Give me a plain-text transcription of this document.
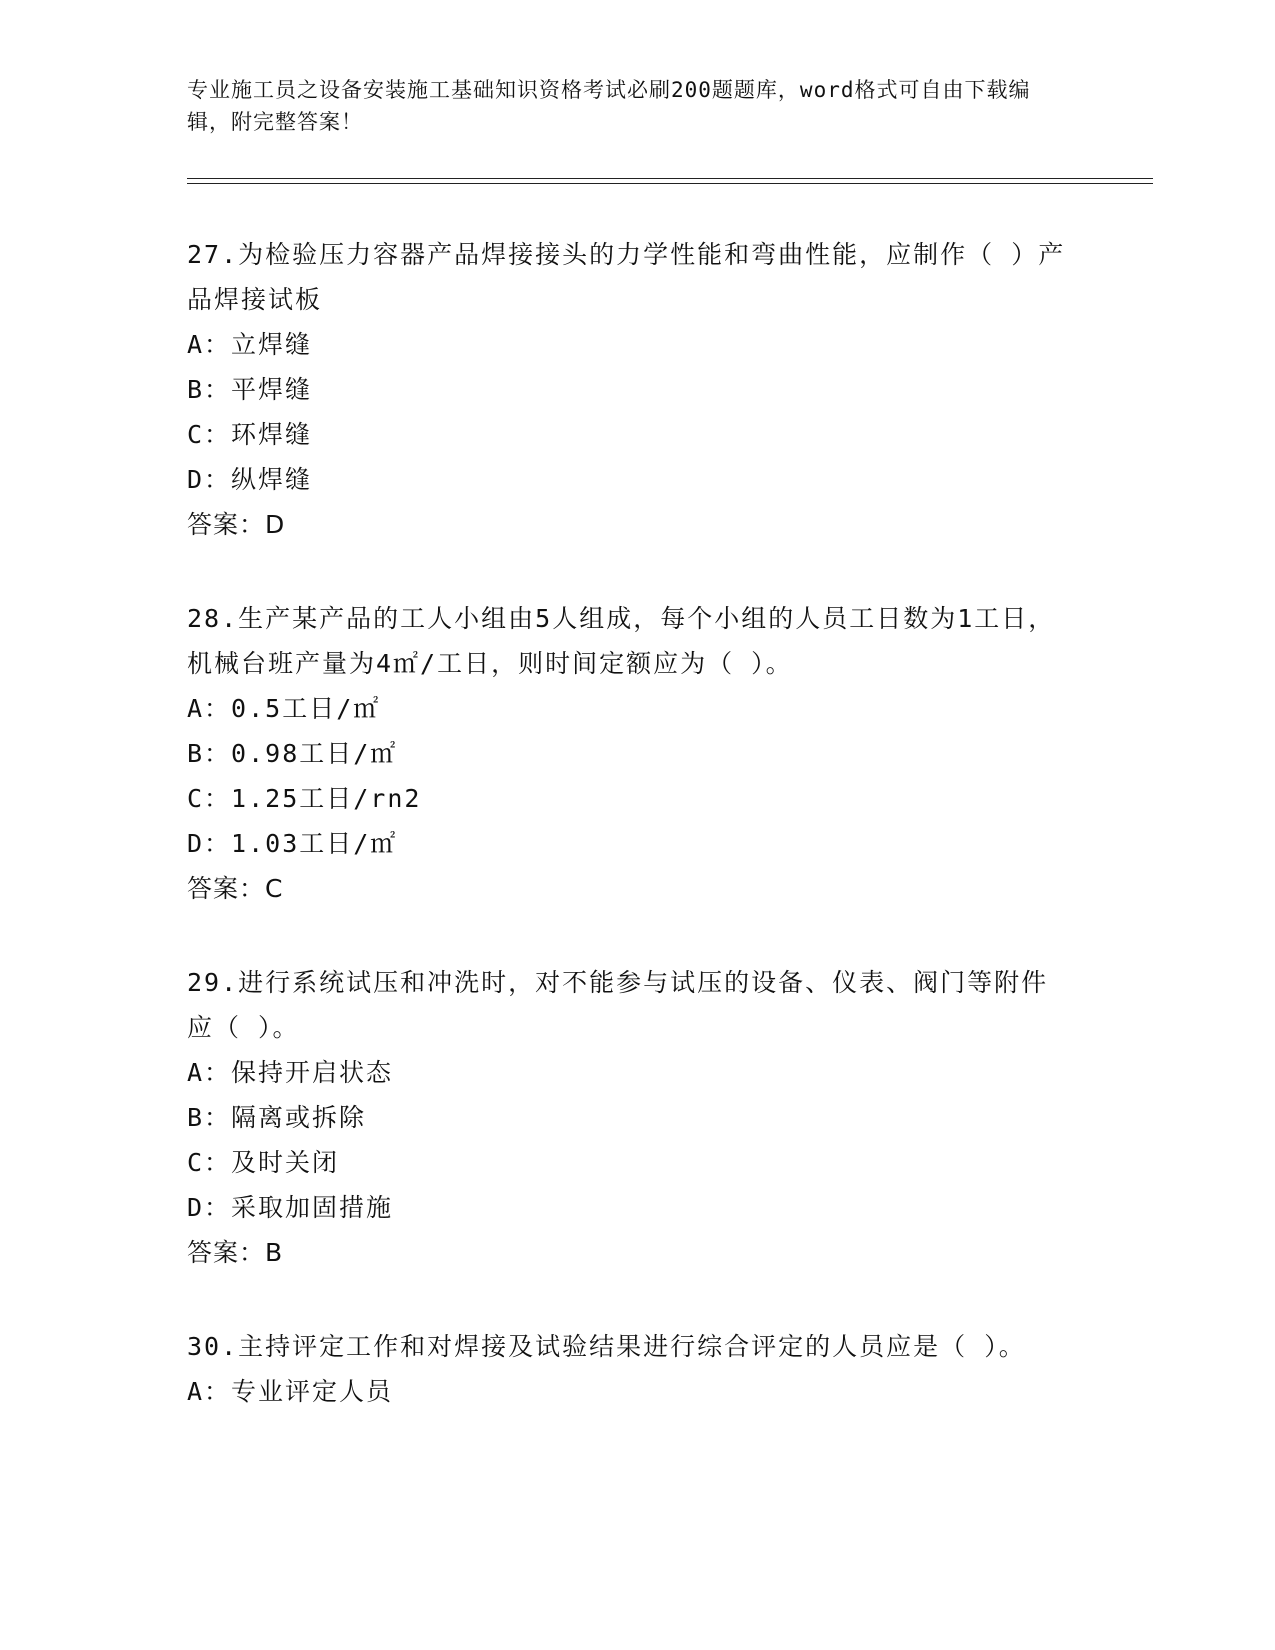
专业施工员之设备安装施工基础知识资格考试必刷200题题库，word格式可自由下载编辑，附完整答案！

27.为检验压力容器产品焊接接头的力学性能和弯曲性能，应制作（ ）产品焊接试板

A：立焊缝
B：平焊缝
C：环焊缝
D：纵焊缝
答案：D

28.生产某产品的工人小组由5人组成，每个小组的人员工日数为1工日，机械台班产量为4㎡/工日，则时间定额应为（ ）。

A：0.5工日/㎡
B：0.98工日/㎡
C：1.25工日/rn2
D：1.03工日/㎡
答案：C

29.进行系统试压和冲洗时，对不能参与试压的设备、仪表、阀门等附件应（ ）。

A：保持开启状态
B：隔离或拆除
C：及时关闭
D：采取加固措施
答案：B

30.主持评定工作和对焊接及试验结果进行综合评定的人员应是（ ）。

A：专业评定人员
